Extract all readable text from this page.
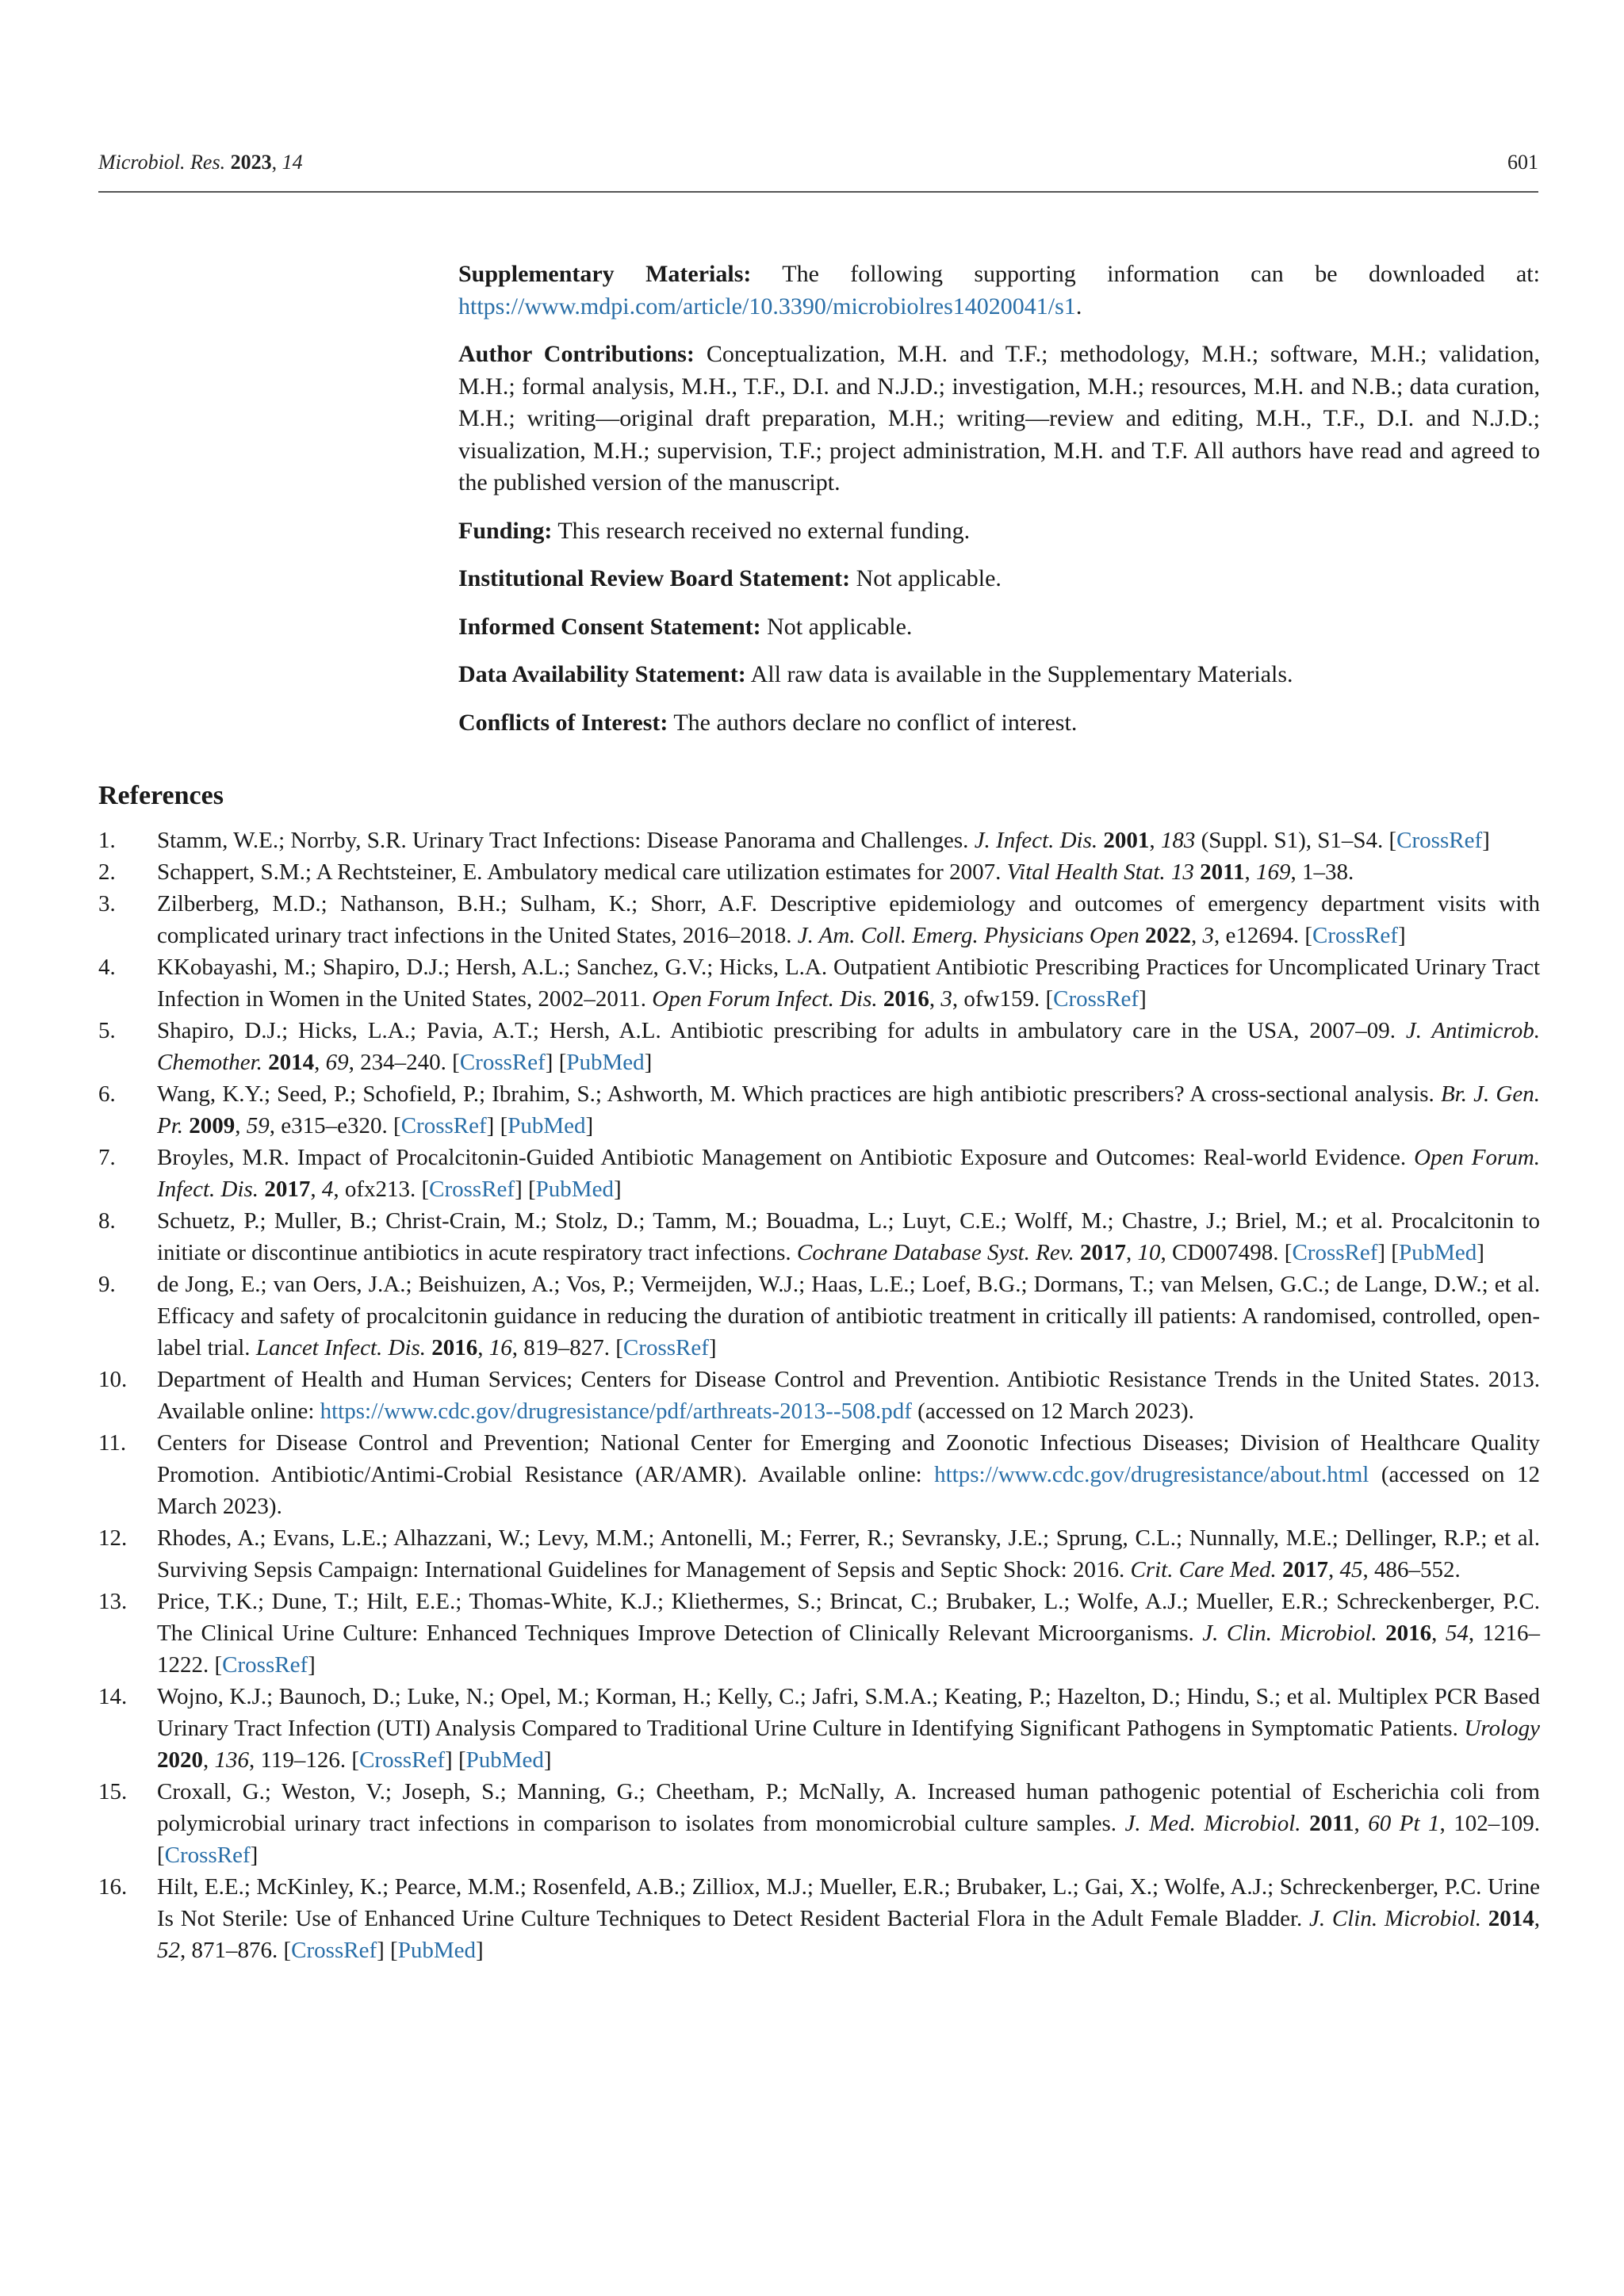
Microbiol. Res. 2023, 14	601

Supplementary Materials: The following supporting information can be downloaded at: https://www.mdpi.com/article/10.3390/microbiolres14020041/s1.

Author Contributions: Conceptualization, M.H. and T.F.; methodology, M.H.; software, M.H.; validation, M.H.; formal analysis, M.H., T.F., D.I. and N.J.D.; investigation, M.H.; resources, M.H. and N.B.; data curation, M.H.; writing—original draft preparation, M.H.; writing—review and editing, M.H., T.F., D.I. and N.J.D.; visualization, M.H.; supervision, T.F.; project administration, M.H. and T.F. All authors have read and agreed to the published version of the manuscript.

Funding: This research received no external funding.

Institutional Review Board Statement: Not applicable.

Informed Consent Statement: Not applicable.

Data Availability Statement: All raw data is available in the Supplementary Materials.

Conflicts of Interest: The authors declare no conflict of interest.

References
1. Stamm, W.E.; Norrby, S.R. Urinary Tract Infections: Disease Panorama and Challenges. J. Infect. Dis. 2001, 183 (Suppl. S1), S1–S4. [CrossRef]
2. Schappert, S.M.; A Rechtsteiner, E. Ambulatory medical care utilization estimates for 2007. Vital Health Stat. 13 2011, 169, 1–38.
3. Zilberberg, M.D.; Nathanson, B.H.; Sulham, K.; Shorr, A.F. Descriptive epidemiology and outcomes of emergency department visits with complicated urinary tract infections in the United States, 2016–2018. J. Am. Coll. Emerg. Physicians Open 2022, 3, e12694. [CrossRef]
4. KKobayashi, M.; Shapiro, D.J.; Hersh, A.L.; Sanchez, G.V.; Hicks, L.A. Outpatient Antibiotic Prescribing Practices for Uncomplicated Urinary Tract Infection in Women in the United States, 2002–2011. Open Forum Infect. Dis. 2016, 3, ofw159. [CrossRef]
5. Shapiro, D.J.; Hicks, L.A.; Pavia, A.T.; Hersh, A.L. Antibiotic prescribing for adults in ambulatory care in the USA, 2007–09. J. Antimicrob. Chemother. 2014, 69, 234–240. [CrossRef] [PubMed]
6. Wang, K.Y.; Seed, P.; Schofield, P.; Ibrahim, S.; Ashworth, M. Which practices are high antibiotic prescribers? A cross-sectional analysis. Br. J. Gen. Pr. 2009, 59, e315–e320. [CrossRef] [PubMed]
7. Broyles, M.R. Impact of Procalcitonin-Guided Antibiotic Management on Antibiotic Exposure and Outcomes: Real-world Evidence. Open Forum. Infect. Dis. 2017, 4, ofx213. [CrossRef] [PubMed]
8. Schuetz, P.; Muller, B.; Christ-Crain, M.; Stolz, D.; Tamm, M.; Bouadma, L.; Luyt, C.E.; Wolff, M.; Chastre, J.; Briel, M.; et al. Procalcitonin to initiate or discontinue antibiotics in acute respiratory tract infections. Cochrane Database Syst. Rev. 2017, 10, CD007498. [CrossRef] [PubMed]
9. de Jong, E.; van Oers, J.A.; Beishuizen, A.; Vos, P.; Vermeijden, W.J.; Haas, L.E.; Loef, B.G.; Dormans, T.; van Melsen, G.C.; de Lange, D.W.; et al. Efficacy and safety of procalcitonin guidance in reducing the duration of antibiotic treatment in critically ill patients: A randomised, controlled, open-label trial. Lancet Infect. Dis. 2016, 16, 819–827. [CrossRef]
10. Department of Health and Human Services; Centers for Disease Control and Prevention. Antibiotic Resistance Trends in the United States. 2013. Available online: https://www.cdc.gov/drugresistance/pdf/arthreats-2013--508.pdf (accessed on 12 March 2023).
11. Centers for Disease Control and Prevention; National Center for Emerging and Zoonotic Infectious Diseases; Division of Healthcare Quality Promotion. Antibiotic/Antimi-Crobial Resistance (AR/AMR). Available online: https://www.cdc.gov/drugresistance/about.html (accessed on 12 March 2023).
12. Rhodes, A.; Evans, L.E.; Alhazzani, W.; Levy, M.M.; Antonelli, M.; Ferrer, R.; Sevransky, J.E.; Sprung, C.L.; Nunnally, M.E.; Dellinger, R.P.; et al. Surviving Sepsis Campaign: International Guidelines for Management of Sepsis and Septic Shock: 2016. Crit. Care Med. 2017, 45, 486–552.
13. Price, T.K.; Dune, T.; Hilt, E.E.; Thomas-White, K.J.; Kliethermes, S.; Brincat, C.; Brubaker, L.; Wolfe, A.J.; Mueller, E.R.; Schreckenberger, P.C. The Clinical Urine Culture: Enhanced Techniques Improve Detection of Clinically Relevant Microorganisms. J. Clin. Microbiol. 2016, 54, 1216–1222. [CrossRef]
14. Wojno, K.J.; Baunoch, D.; Luke, N.; Opel, M.; Korman, H.; Kelly, C.; Jafri, S.M.A.; Keating, P.; Hazelton, D.; Hindu, S.; et al. Multiplex PCR Based Urinary Tract Infection (UTI) Analysis Compared to Traditional Urine Culture in Identifying Significant Pathogens in Symptomatic Patients. Urology 2020, 136, 119–126. [CrossRef] [PubMed]
15. Croxall, G.; Weston, V.; Joseph, S.; Manning, G.; Cheetham, P.; McNally, A. Increased human pathogenic potential of Escherichia coli from polymicrobial urinary tract infections in comparison to isolates from monomicrobial culture samples. J. Med. Microbiol. 2011, 60 Pt 1, 102–109. [CrossRef]
16. Hilt, E.E.; McKinley, K.; Pearce, M.M.; Rosenfeld, A.B.; Zilliox, M.J.; Mueller, E.R.; Brubaker, L.; Gai, X.; Wolfe, A.J.; Schreckenberger, P.C. Urine Is Not Sterile: Use of Enhanced Urine Culture Techniques to Detect Resident Bacterial Flora in the Adult Female Bladder. J. Clin. Microbiol. 2014, 52, 871–876. [CrossRef] [PubMed]
